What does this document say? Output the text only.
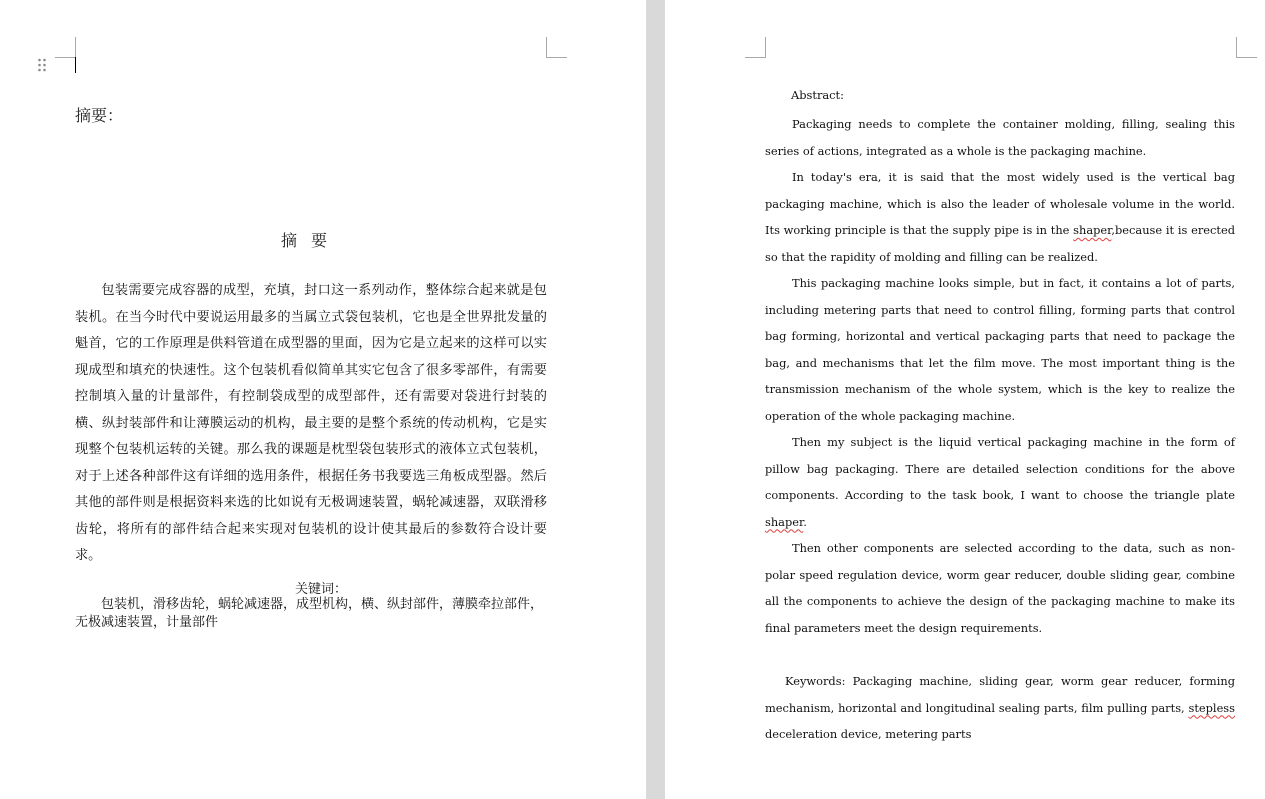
摘要：
摘要

包装需要完成容器的成型，充填，封口这一系列动作，整体综合起来就是包装机。在当今时代中要说运用最多的当属立式袋包装机，它也是全世界批发量的魁首，它的工作原理是供料管道在成型器的里面，因为它是立起来的这样可以实现成型和填充的快速性。这个包装机看似简单其实它包含了很多零部件，有需要控制填入量的计量部件，有控制袋成型的成型部件，还有需要对袋进行封装的横、纵封装部件和让薄膜运动的机构，最主要的是整个系统的传动机构，它是实现整个包装机运转的关键。那么我的课题是枕型袋包装形式的液体立式包装机，对于上述各种部件这有详细的选用条件，根据任务书我要选三角板成型器。然后其他的部件则是根据资料来选的比如说有无极调速装置，蜗轮减速器，双联滑移齿轮，将所有的部件结合起来实现对包装机的设计使其最后的参数符合设计要求。

关键词：

包装机，滑移齿轮，蜗轮减速器，成型机构，横、纵封部件，薄膜牵拉部件，无极减速装置，计量部件

Abstract:

Packaging needs to complete the container molding, filling, sealing this series of actions, integrated as a whole is the packaging machine.

In today's era, it is said that the most widely used is the vertical bag packaging machine, which is also the leader of wholesale volume in the world. Its working principle is that the supply pipe is in the shaper,because it is erected so that the rapidity of molding and filling can be realized.

This packaging machine looks simple, but in fact, it contains a lot of parts, including metering parts that need to control filling, forming parts that control bag forming, horizontal and vertical packaging parts that need to package the bag, and mechanisms that let the film move. The most important thing is the transmission mechanism of the whole system, which is the key to realize the operation of the whole packaging machine.

Then my subject is the liquid vertical packaging machine in the form of pillow bag packaging. There are detailed selection conditions for the above components. According to the task book, I want to choose the triangle plate shaper.

Then other components are selected according to the data, such as non-polar speed regulation device, worm gear reducer, double sliding gear, combine all the components to achieve the design of the packaging machine to make its final parameters meet the design requirements.

Keywords: Packaging machine, sliding gear, worm gear reducer, forming mechanism, horizontal and longitudinal sealing parts, film pulling parts, stepless deceleration device, metering parts
